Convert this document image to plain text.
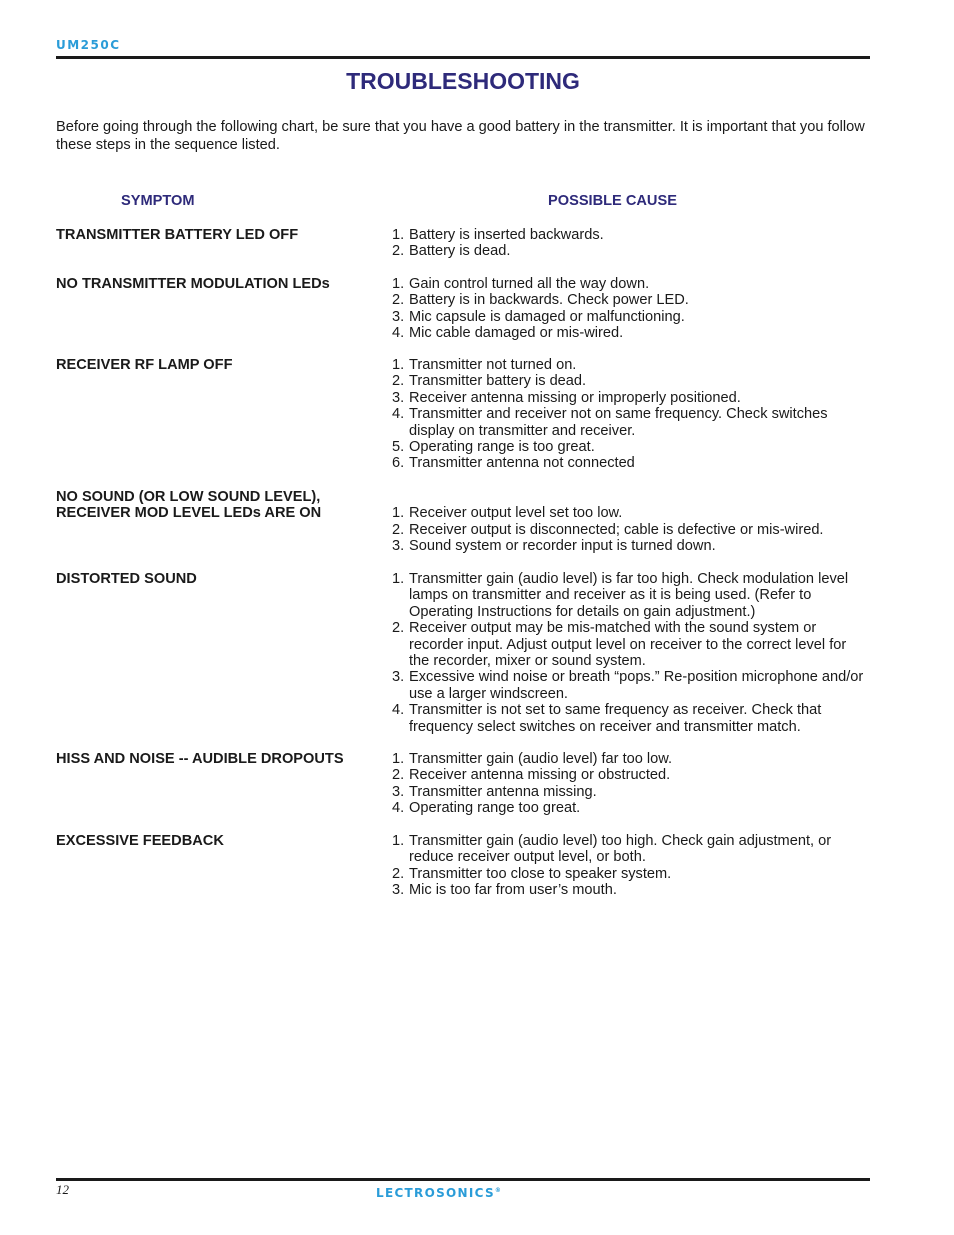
UM250C
TROUBLESHOOTING

Before going through the following chart, be sure that you have a good battery in the transmitter. It is important that you follow these steps in the sequence listed.

SYMPTOM	POSSIBLE CAUSE
TRANSMITTER BATTERY LED OFF	1. Battery is inserted backwards.
2. Battery is dead.
NO TRANSMITTER MODULATION LEDs	1. Gain control turned all the way down.
2. Battery is in backwards. Check power LED.
3. Mic capsule is damaged or malfunctioning.
4. Mic cable damaged or mis-wired.
RECEIVER RF LAMP OFF	1. Transmitter not turned on.
2. Transmitter battery is dead.
3. Receiver antenna missing or improperly positioned.
4. Transmitter and receiver not on same frequency. Check switches display on transmitter and receiver.
5. Operating range is too great.
6. Transmitter antenna not connected
NO SOUND (OR LOW SOUND LEVEL), RECEIVER MOD LEVEL LEDs ARE ON	1. Receiver output level set too low.
2. Receiver output is disconnected; cable is defective or mis-wired.
3. Sound system or recorder input is turned down.
DISTORTED SOUND	1. Transmitter gain (audio level) is far too high. Check modulation level lamps on transmitter and receiver as it is being used. (Refer to Operating Instructions for details on gain adjustment.)
2. Receiver output may be mis-matched with the sound system or recorder input. Adjust output level on receiver to the correct level for the recorder, mixer or sound system.
3. Excessive wind noise or breath “pops.” Re-position microphone and/or use a larger windscreen.
4. Transmitter is not set to same frequency as receiver. Check that frequency select switches on receiver and transmitter match.
HISS AND NOISE -- AUDIBLE DROPOUTS	1. Transmitter gain (audio level) far too low.
2. Receiver antenna missing or obstructed.
3. Transmitter antenna missing.
4. Operating range too great.
EXCESSIVE FEEDBACK	1. Transmitter gain (audio level) too high. Check gain adjustment, or reduce receiver output level, or both.
2. Transmitter too close to speaker system.
3. Mic is too far from user’s mouth.
12	LECTROSONICS®
